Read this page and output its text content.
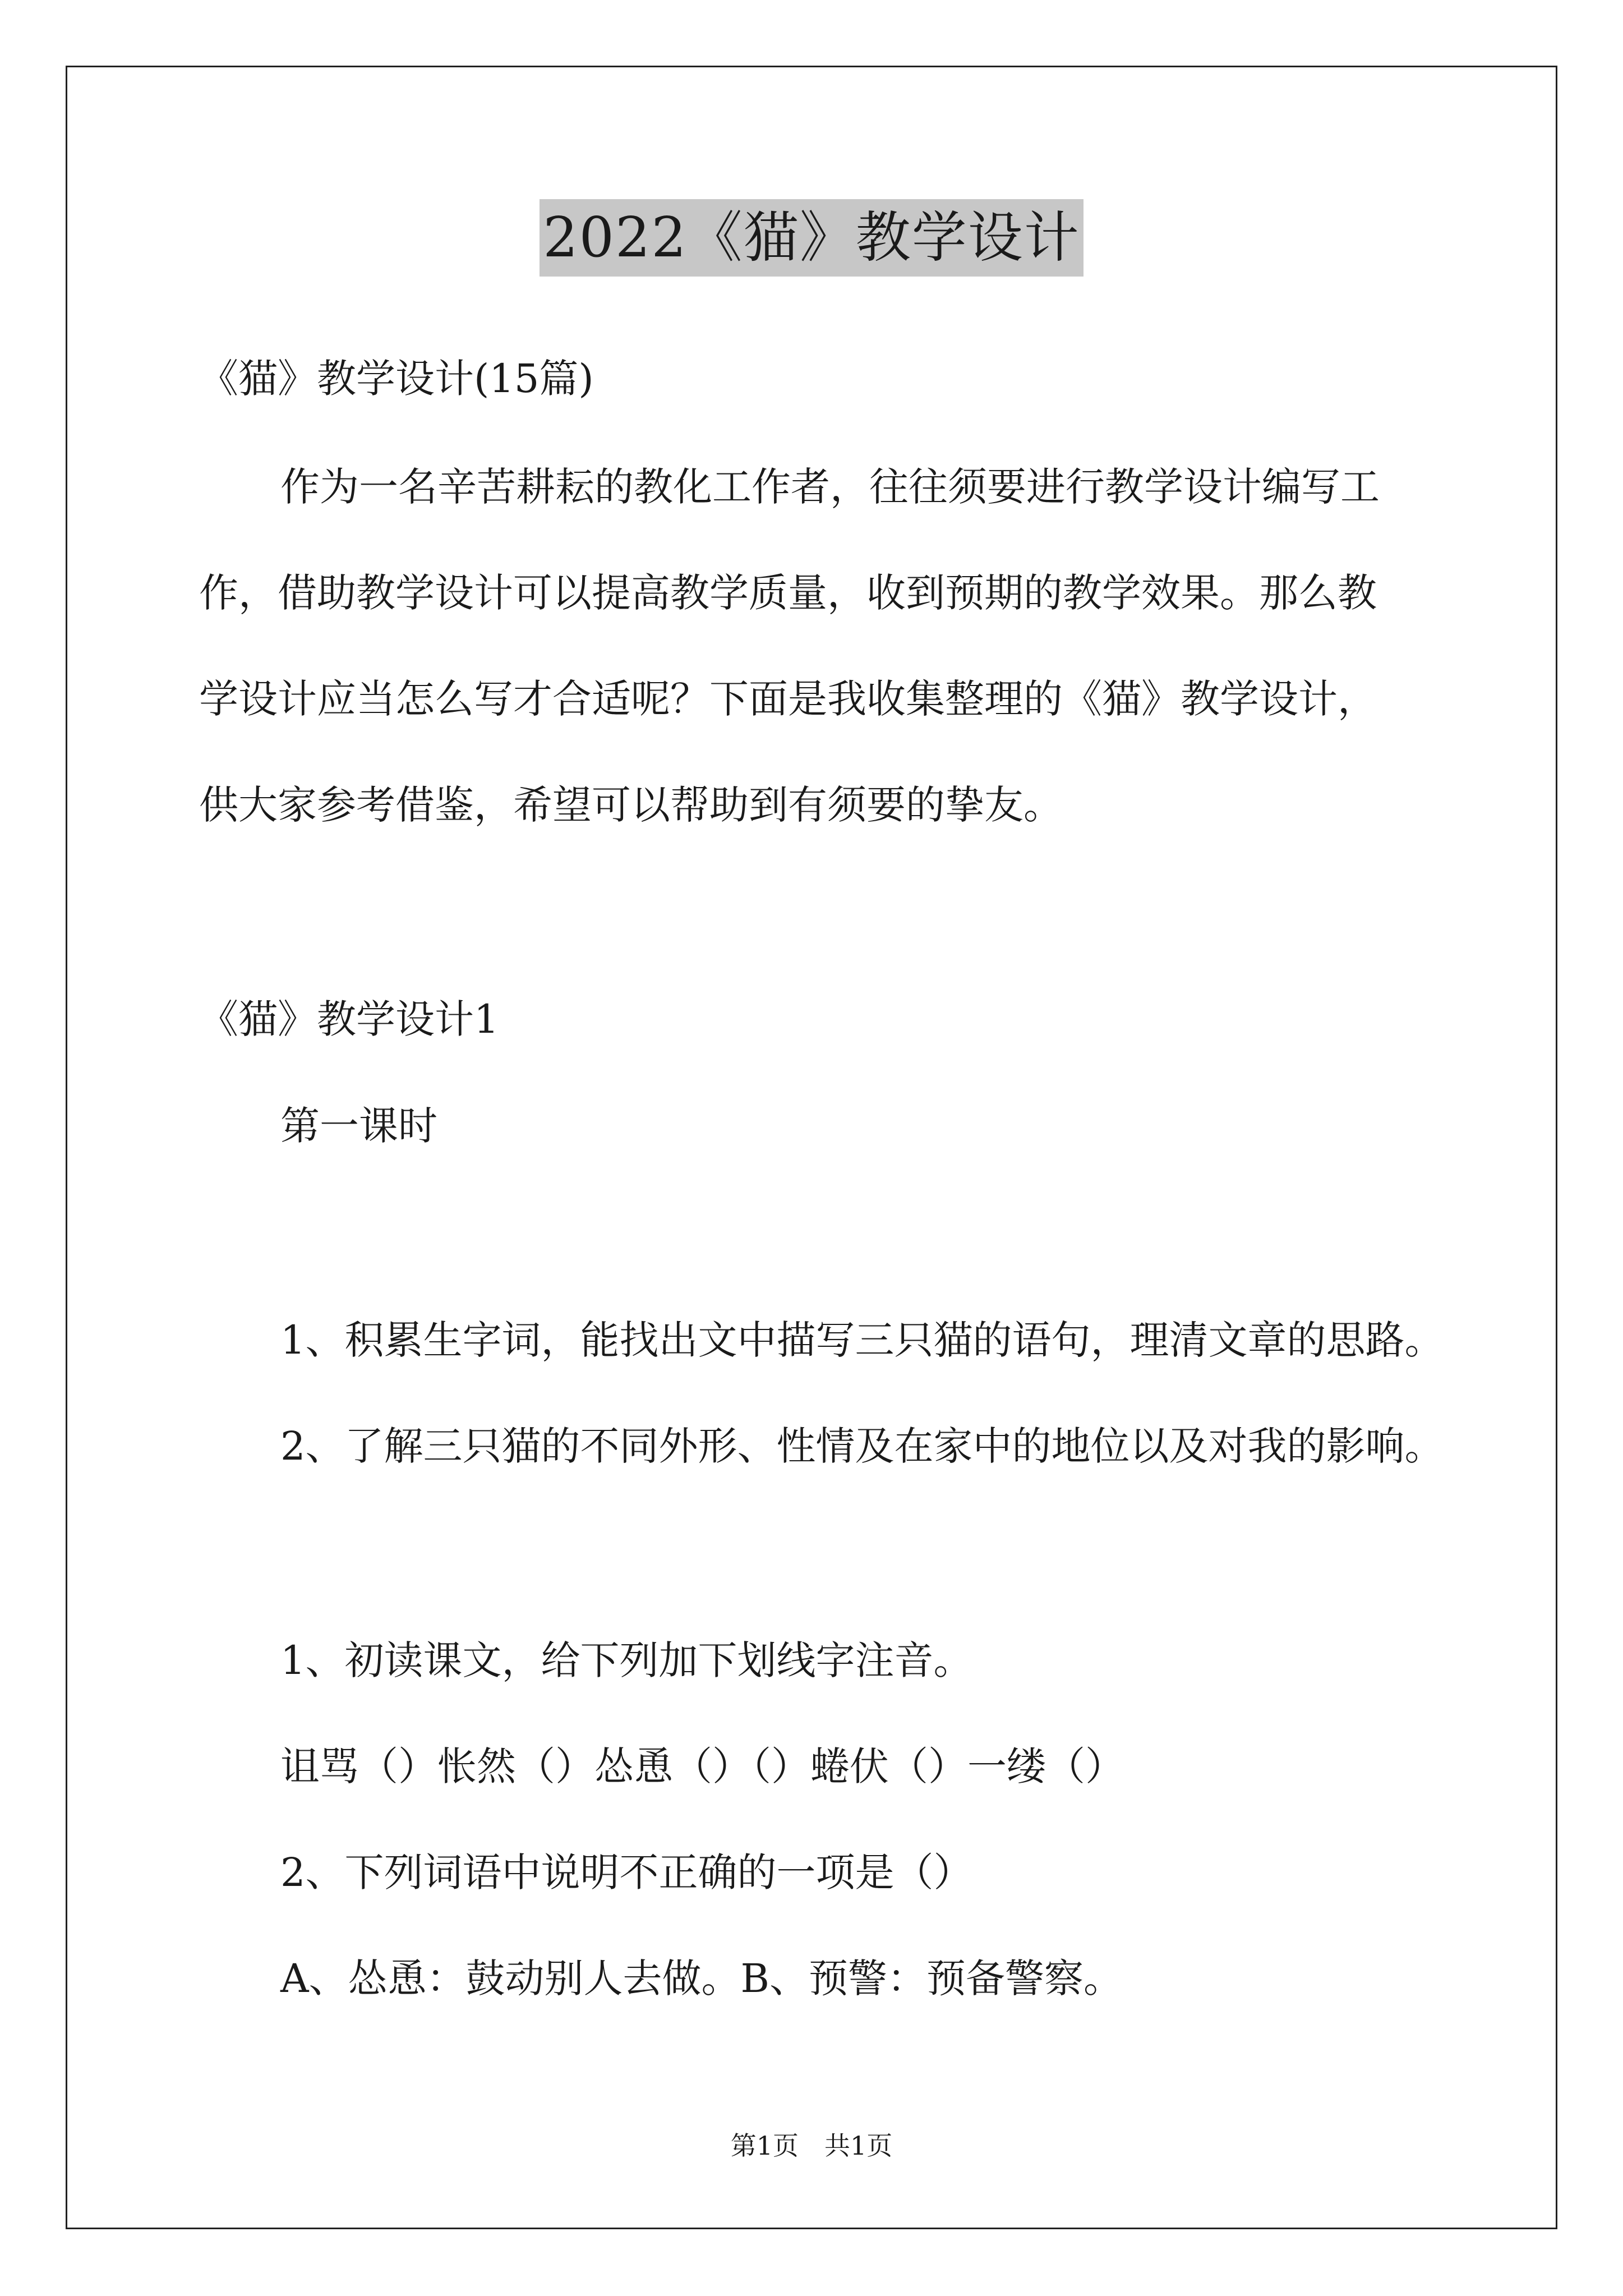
2022《猫》教学设计
《猫》教学设计(15篇)
作为一名辛苦耕耘的教化工作者，往往须要进行教学设计编写工
作，借助教学设计可以提高教学质量，收到预期的教学效果。那么教
学设计应当怎么写才合适呢？下面是我收集整理的《猫》教学设计，
供大家参考借鉴，希望可以帮助到有须要的挚友。
《猫》教学设计1
第一课时
1、积累生字词，能找出文中描写三只猫的语句，理清文章的思路。
2、了解三只猫的不同外形、性情及在家中的地位以及对我的影响。
1、初读课文，给下列加下划线字注音。
诅骂（）怅然（）怂恿（）（）蜷伏（）一缕（）
2、下列词语中说明不正确的一项是（）
A、怂恿：鼓动别人去做。B、预警：预备警察。
第1页　共1页
